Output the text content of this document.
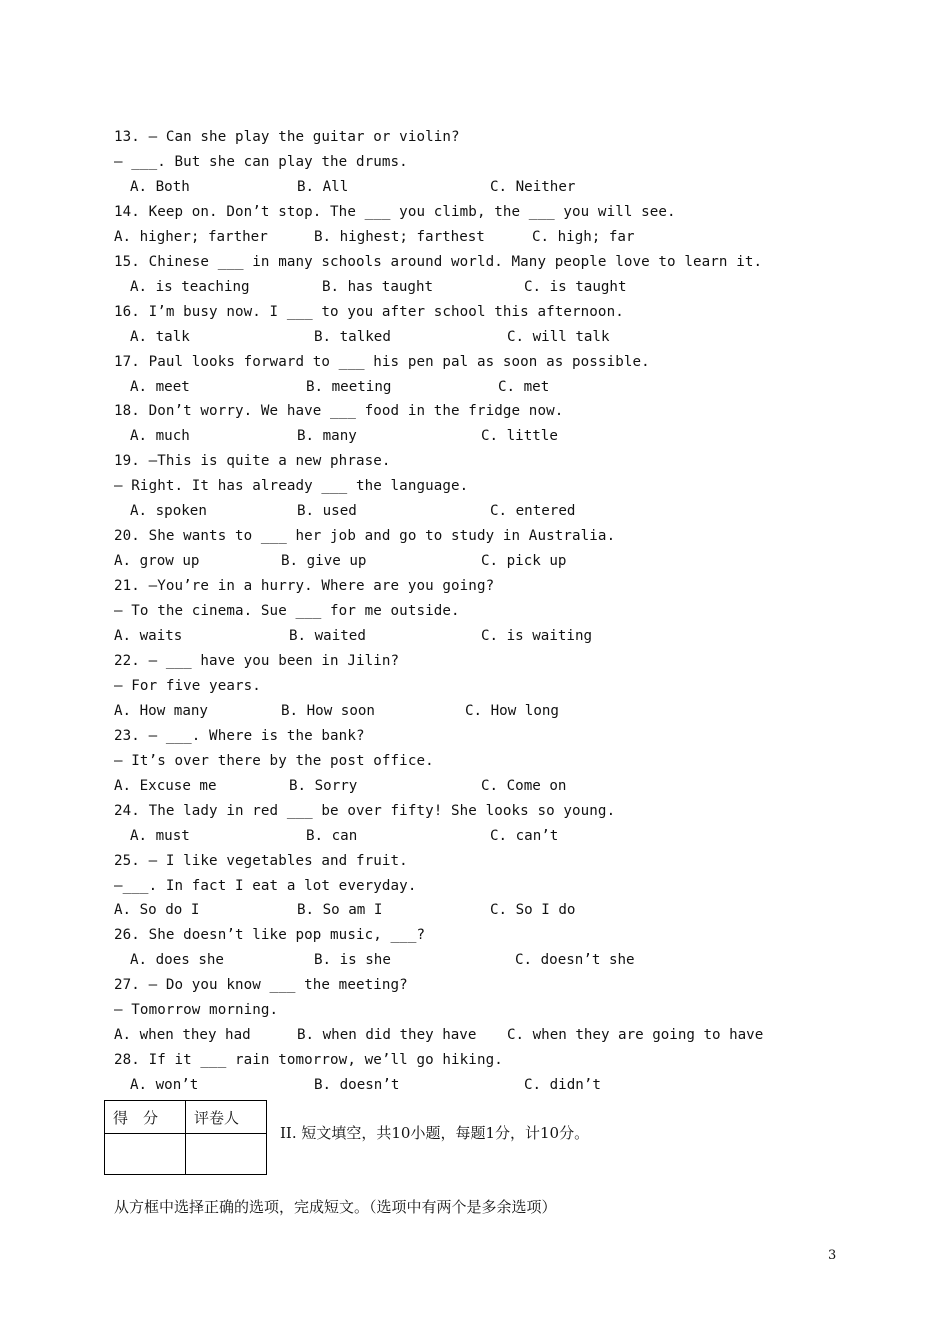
13. — Can she play the guitar or violin?
— ___. But she can play the drums.
A. Both	B. All	C. Neither
14. Keep on. Don’t stop. The ___ you climb, the ___ you will see.
A. higher; farther	B. highest; farthest	C. high; far
15. Chinese ___ in many schools around world. Many people love to learn it.
A. is teaching	B. has taught	C. is taught
16. I’m busy now. I ___ to you after school this afternoon.
A. talk	B. talked	C. will talk
17. Paul looks forward to ___ his pen pal as soon as possible.
A. meet	B. meeting	C. met
18. Don’t worry. We have ___ food in the fridge now.
A. much	B. many	C. little
19. —This is quite a new phrase.
— Right. It has already ___ the language.
A. spoken	B. used	C. entered
20. She wants to ___ her job and go to study in Australia.
A. grow up	B. give up	C. pick up
21. —You’re in a hurry. Where are you going?
— To the cinema. Sue ___ for me outside.
A. waits	B. waited	C. is waiting
22. — ___ have you been in Jilin?
— For five years.
A. How many	B. How soon	C. How long
23. — ___. Where is the bank?
— It’s over there by the post office.
A. Excuse me	B. Sorry	C. Come on
24. The lady in red ___ be over fifty! She looks so young.
A. must	B. can	C. can’t
25. — I like vegetables and fruit.
—___. In fact I eat a lot everyday.
A. So do I	B. So am I	C. So I do
26. She doesn’t like pop music, ___?
A. does she	B. is she	C. doesn’t she
27. — Do you know ___ the meeting?
— Tomorrow morning.
A. when they had	B. when did they have C. when they are going to have
28. If it ___ rain tomorrow, we’ll go hiking.
A. won’t	B. doesn’t	C. didn’t
得　分	评卷人

II. 短文填空，共10小题，每题1分，计10分。
从方框中选择正确的选项，完成短文。（选项中有两个是多余选项）
3
